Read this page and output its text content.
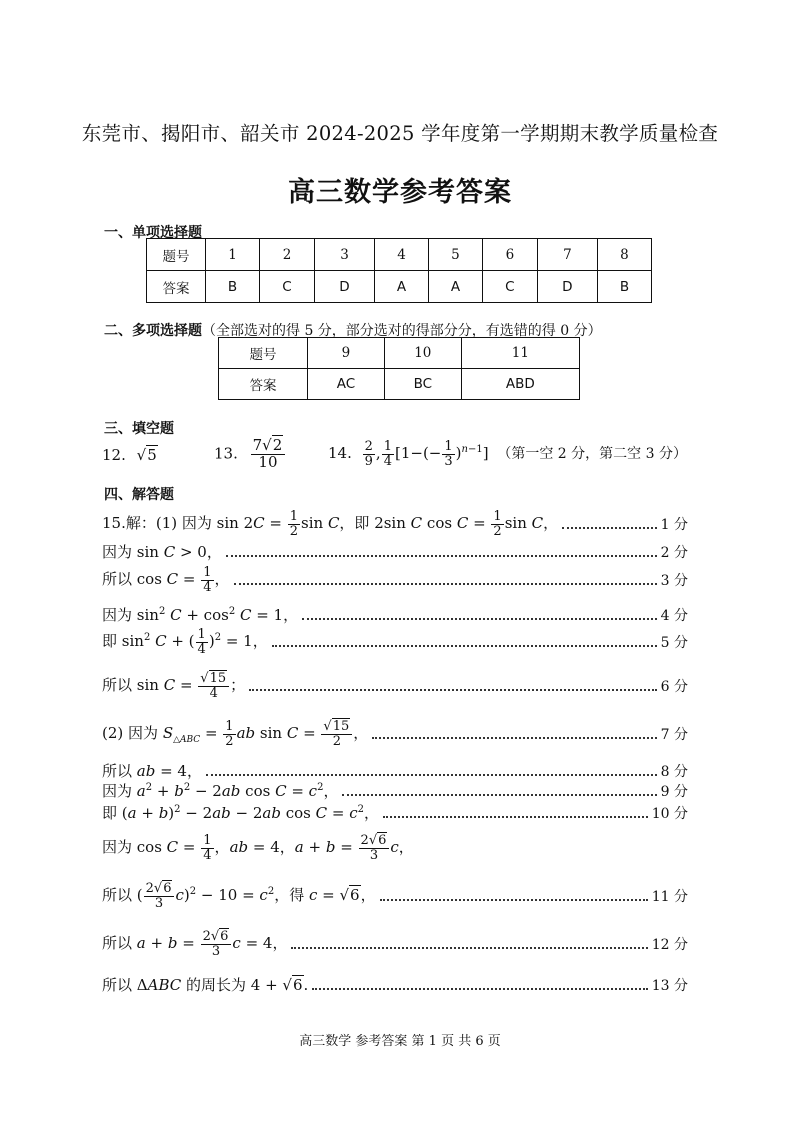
东莞市、揭阳市、韶关市 2024-2025 学年度第一学期期末教学质量检查
高三数学参考答案
一、单项选择题
题号	1	2	3	4	5	6	7	8
答案	B	C	D	A	A	C	D	B
二、多项选择题（全部选对的得 5 分，部分选对的得部分分，有选错的得 0 分）
题号	9	10	11
答案	AC	BC	ABD
三、填空题
12. √5	13. $\frac{7√2}{10}$	14. $\frac{2}{9}$ , $\frac{1}{4} [1-(- \frac{1}{3} )^{n-1}]$ （第一空 2 分，第二空 3 分）
四、解答题
15.解：(1) 因为 $\sin 2C = \frac{1}{2}$ sin C，即 2sin C $\cos C = \frac{1}{2}$ sin C，	1 分
因为 sin C > 0，	2 分
所以 $\cos C = \frac{1}{4}$ ，	3 分
因为 $\sin^2 C + \cos^2 C = 1$，	4 分
即 $\sin^2 C$ + ( $\frac{1}{4} )^2 = 1$，	5 分
所以 $\sin C = \frac{√15}{4}$ ；	6 分
(2) 因为 $S_{\triangle ABC} = \frac{1}{2}$ ab $\sin C = \frac{√15}{2}$ ，	7 分
所以 ab = 4，	8 分
因为 $a^2 + b^2 - 2ab$ $\cos C = c^2$，	9 分
即 $(a + b)^2 - 2ab - 2ab$ $\cos C = c^2$，	10 分
因为 $\cos C = \frac{1}{4}$ ，ab = 4，$a + b = \frac{2√6}{3}$ c，
所以 ( $\frac{2√6}{3} c)^2 - 10 = c^2$，得 c = √6，	11 分
所以 $a + b = \frac{2√6}{3}$ c = 4，	12 分
所以 ΔABC 的周长为 4 + √6.	13 分
高三数学 参考答案 第 1 页 共 6 页
